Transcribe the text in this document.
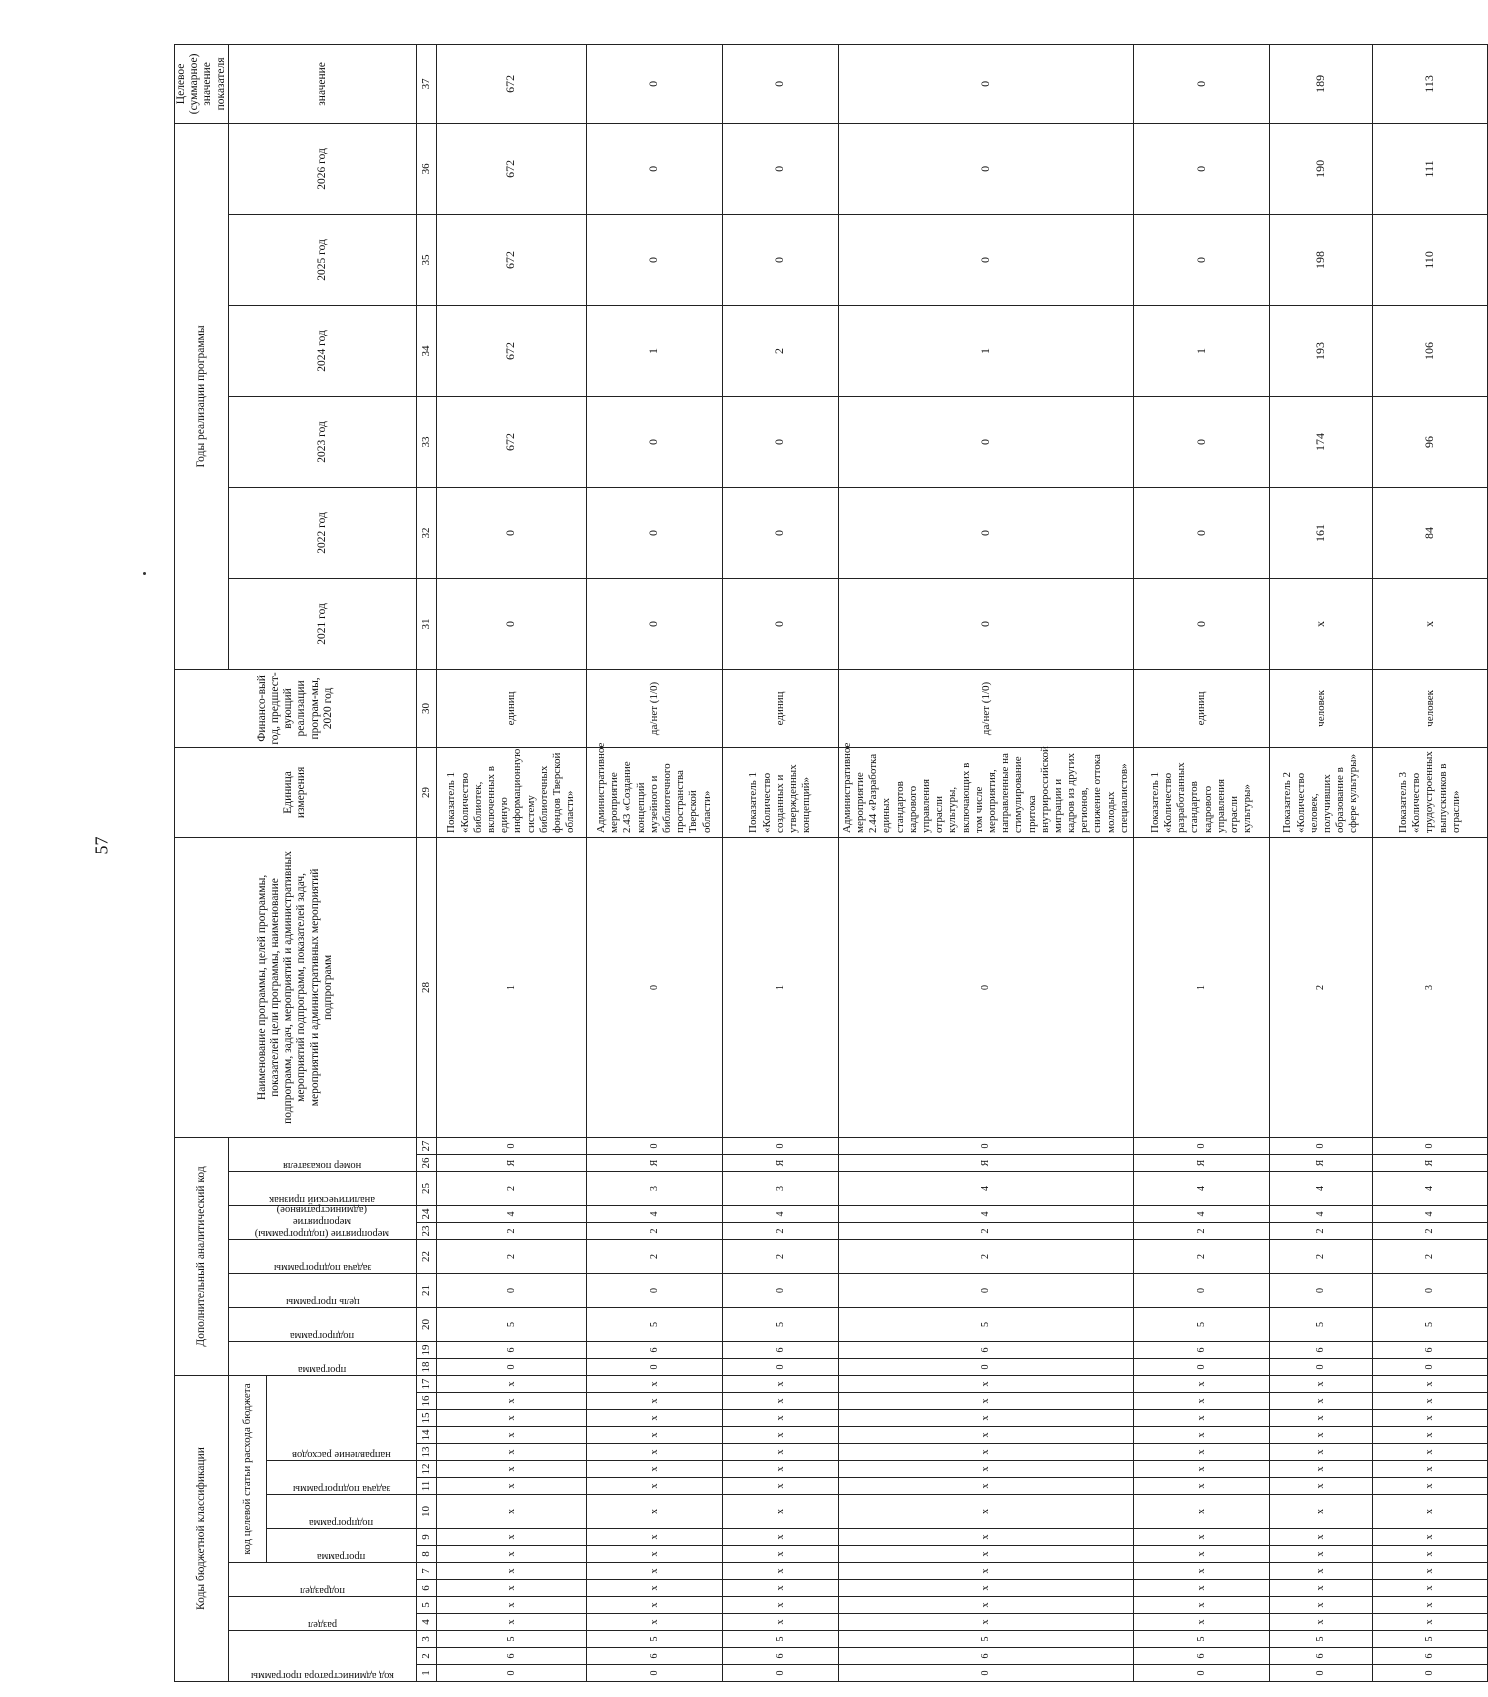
57
Коды бюджетной классификации																	Дополнительный аналитический код										Наименование программы, целей программы, показателей цели программы, наименование подпрограмм, задач, мероприятий и административных мероприятий подпрограмм, показателей задач, мероприятий и административных мероприятий подпрограмм	Единица измерения	Финансо-вый год, предшест-вующий реализации програм-мы, 2020 год	Годы реализации программы						Целевое (суммарное) значение показателя	

код администратора программы			раздел		подраздел		код целевой статьи расхода бюджета										программа		подпрограмма	цель программы	задача подпрограммы	мероприятие (подпрограммы) мероприятие (административное)		аналитический признак	номер показателя					2021 год	2022 год	2023 год	2024 год	2025 год	2026 год	значение	

							программа		подпрограмма	задача подпрограммы		направление расходов																									

1	2	3	4	5	6	7	8	9	10	11	12	13	14	15	16	17	18	19	20	21	22	23	24	25	26	27	28	29	30	31	32	33	34	35	36	37	
0	6	5	х	х	х	х	х	х	х	х	х	х	х	х	х	х	0	6	5	0	2	2	4	2	Я	0	1	Показатель 1 «Количество библиотек, включенных в единую информационную систему библиотечных фондов Тверской области»	единиц	0	0	672	672	672	672	672	
0	6	5	х	х	х	х	х	х	х	х	х	х	х	х	х	х	0	6	5	0	2	2	4	3	Я	0	0	Административное мероприятие 2.43 «Создание концепций музейного и библиотечного пространства Тверской области»	да/нет (1/0)	0	0	0	1	0	0	0	
0	6	5	х	х	х	х	х	х	х	х	х	х	х	х	х	х	0	6	5	0	2	2	4	3	Я	0	1	Показатель 1 «Количество созданных и утвержденных концепций»	единиц	0	0	0	2	0	0	0	
0	6	5	х	х	х	х	х	х	х	х	х	х	х	х	х	х	0	6	5	0	2	2	4	4	Я	0	0	Административное мероприятие 2.44 «Разработка единых стандартов кадрового управления отрасли культуры, включающих в том числе мероприятия, направленные на стимулирование притока внутрироссийской миграции и кадров из других регионов, снижение оттока молодых специалистов»	да/нет (1/0)	0	0	0	1	0	0	0	
0	6	5	х	х	х	х	х	х	х	х	х	х	х	х	х	х	0	6	5	0	2	2	4	4	Я	0	1	Показатель 1 «Количество разработанных стандартов кадрового управления отрасли культуры»	единиц	0	0	0	1	0	0	0	
0	6	5	х	х	х	х	х	х	х	х	х	х	х	х	х	х	0	6	5	0	2	2	4	4	Я	0	2	Показатель 2 «Количество человек, получивших образование в сфере культуры»	человек	х	161	174	193	198	190	189	
0	6	5	х	х	х	х	х	х	х	х	х	х	х	х	х	х	0	6	5	0	2	2	4	4	Я	0	3	Показатель 3 «Количество трудоустроенных выпускников в отрасли»	человек	х	84	96	106	110	111	113	
